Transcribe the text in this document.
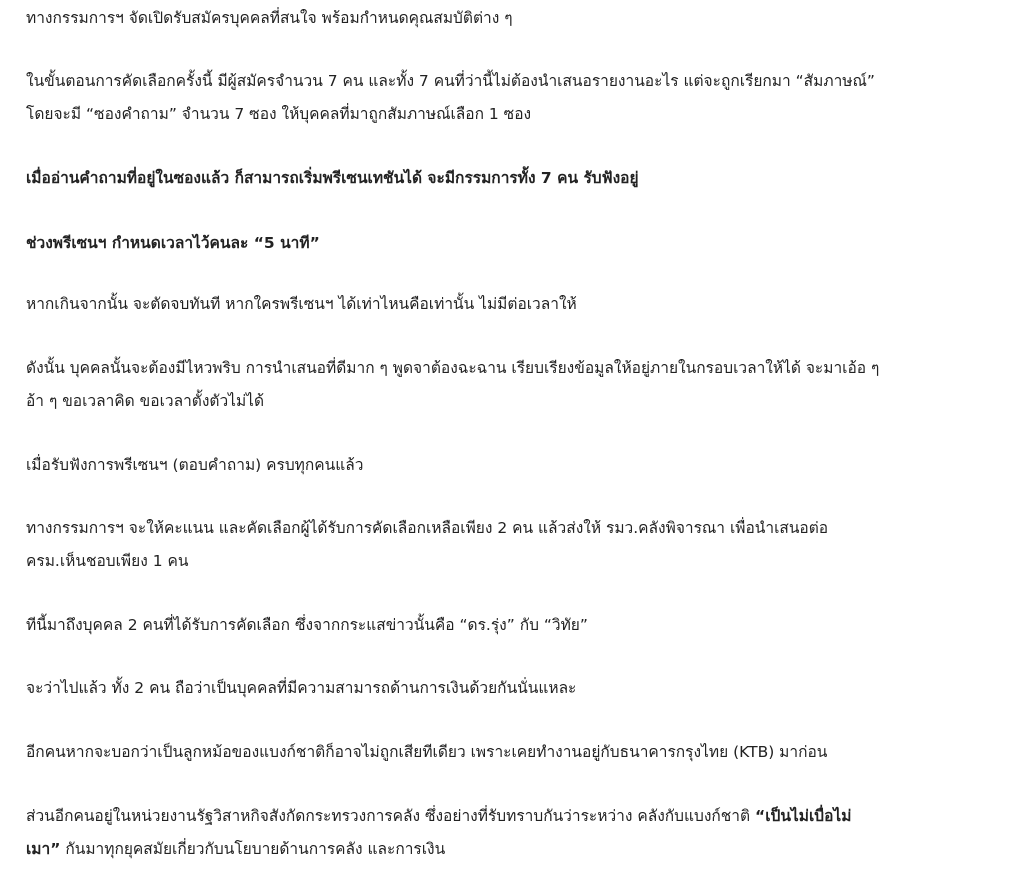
ทางกรรมการฯ จัดเปิดรับสมัครบุคคลที่สนใจ พร้อมกำหนดคุณสมบัติต่าง ๆ

ในขั้นตอนการคัดเลือกครั้งนี้ มีผู้สมัครจำนวน 7 คน และทั้ง 7 คนที่ว่านี้ไม่ต้องนำเสนอรายงานอะไร แต่จะถูกเรียกมา “สัมภาษณ์”
โดยจะมี “ซองคำถาม” จำนวน 7 ซอง ให้บุคคลที่มาถูกสัมภาษณ์เลือก 1 ซอง

เมื่ออ่านคำถามที่อยู่ในซองแล้ว ก็สามารถเริ่มพรีเซนเทชันได้ จะมีกรรมการทั้ง 7 คน รับฟังอยู่

ช่วงพรีเซนฯ กำหนดเวลาไว้คนละ “5 นาที”

หากเกินจากนั้น จะตัดจบทันที หากใครพรีเซนฯ ได้เท่าไหนคือเท่านั้น ไม่มีต่อเวลาให้

ดังนั้น บุคคลนั้นจะต้องมีไหวพริบ การนำเสนอที่ดีมาก ๆ พูดจาต้องฉะฉาน เรียบเรียงข้อมูลให้อยู่ภายในกรอบเวลาให้ได้ จะมาเอ้อ ๆ
อ้า ๆ ขอเวลาคิด ขอเวลาตั้งตัวไม่ได้

เมื่อรับฟังการพรีเซนฯ (ตอบคำถาม) ครบทุกคนแล้ว

ทางกรรมการฯ จะให้คะแนน และคัดเลือกผู้ได้รับการคัดเลือกเหลือเพียง 2 คน แล้วส่งให้ รมว.คลังพิจารณา เพื่อนำเสนอต่อ
ครม.เห็นชอบเพียง 1 คน

ทีนี้มาถึงบุคคล 2 คนที่ได้รับการคัดเลือก ซึ่งจากกระแสข่าวนั้นคือ “ดร.รุ่ง” กับ “วิทัย”

จะว่าไปแล้ว ทั้ง 2 คน ถือว่าเป็นบุคคลที่มีความสามารถด้านการเงินด้วยกันนั่นแหละ

อีกคนหากจะบอกว่าเป็นลูกหม้อของแบงก์ชาติก็อาจไม่ถูกเสียทีเดียว เพราะเคยทำงานอยู่กับธนาคารกรุงไทย (KTB) มาก่อน

ส่วนอีกคนอยู่ในหน่วยงานรัฐวิสาหกิจสังกัดกระทรวงการคลัง ซึ่งอย่างที่รับทราบกันว่าระหว่าง คลังกับแบงก์ชาติ “เป็นไม่เบื่อไม่
เมา” กันมาทุกยุคสมัยเกี่ยวกับนโยบายด้านการคลัง และการเงิน
